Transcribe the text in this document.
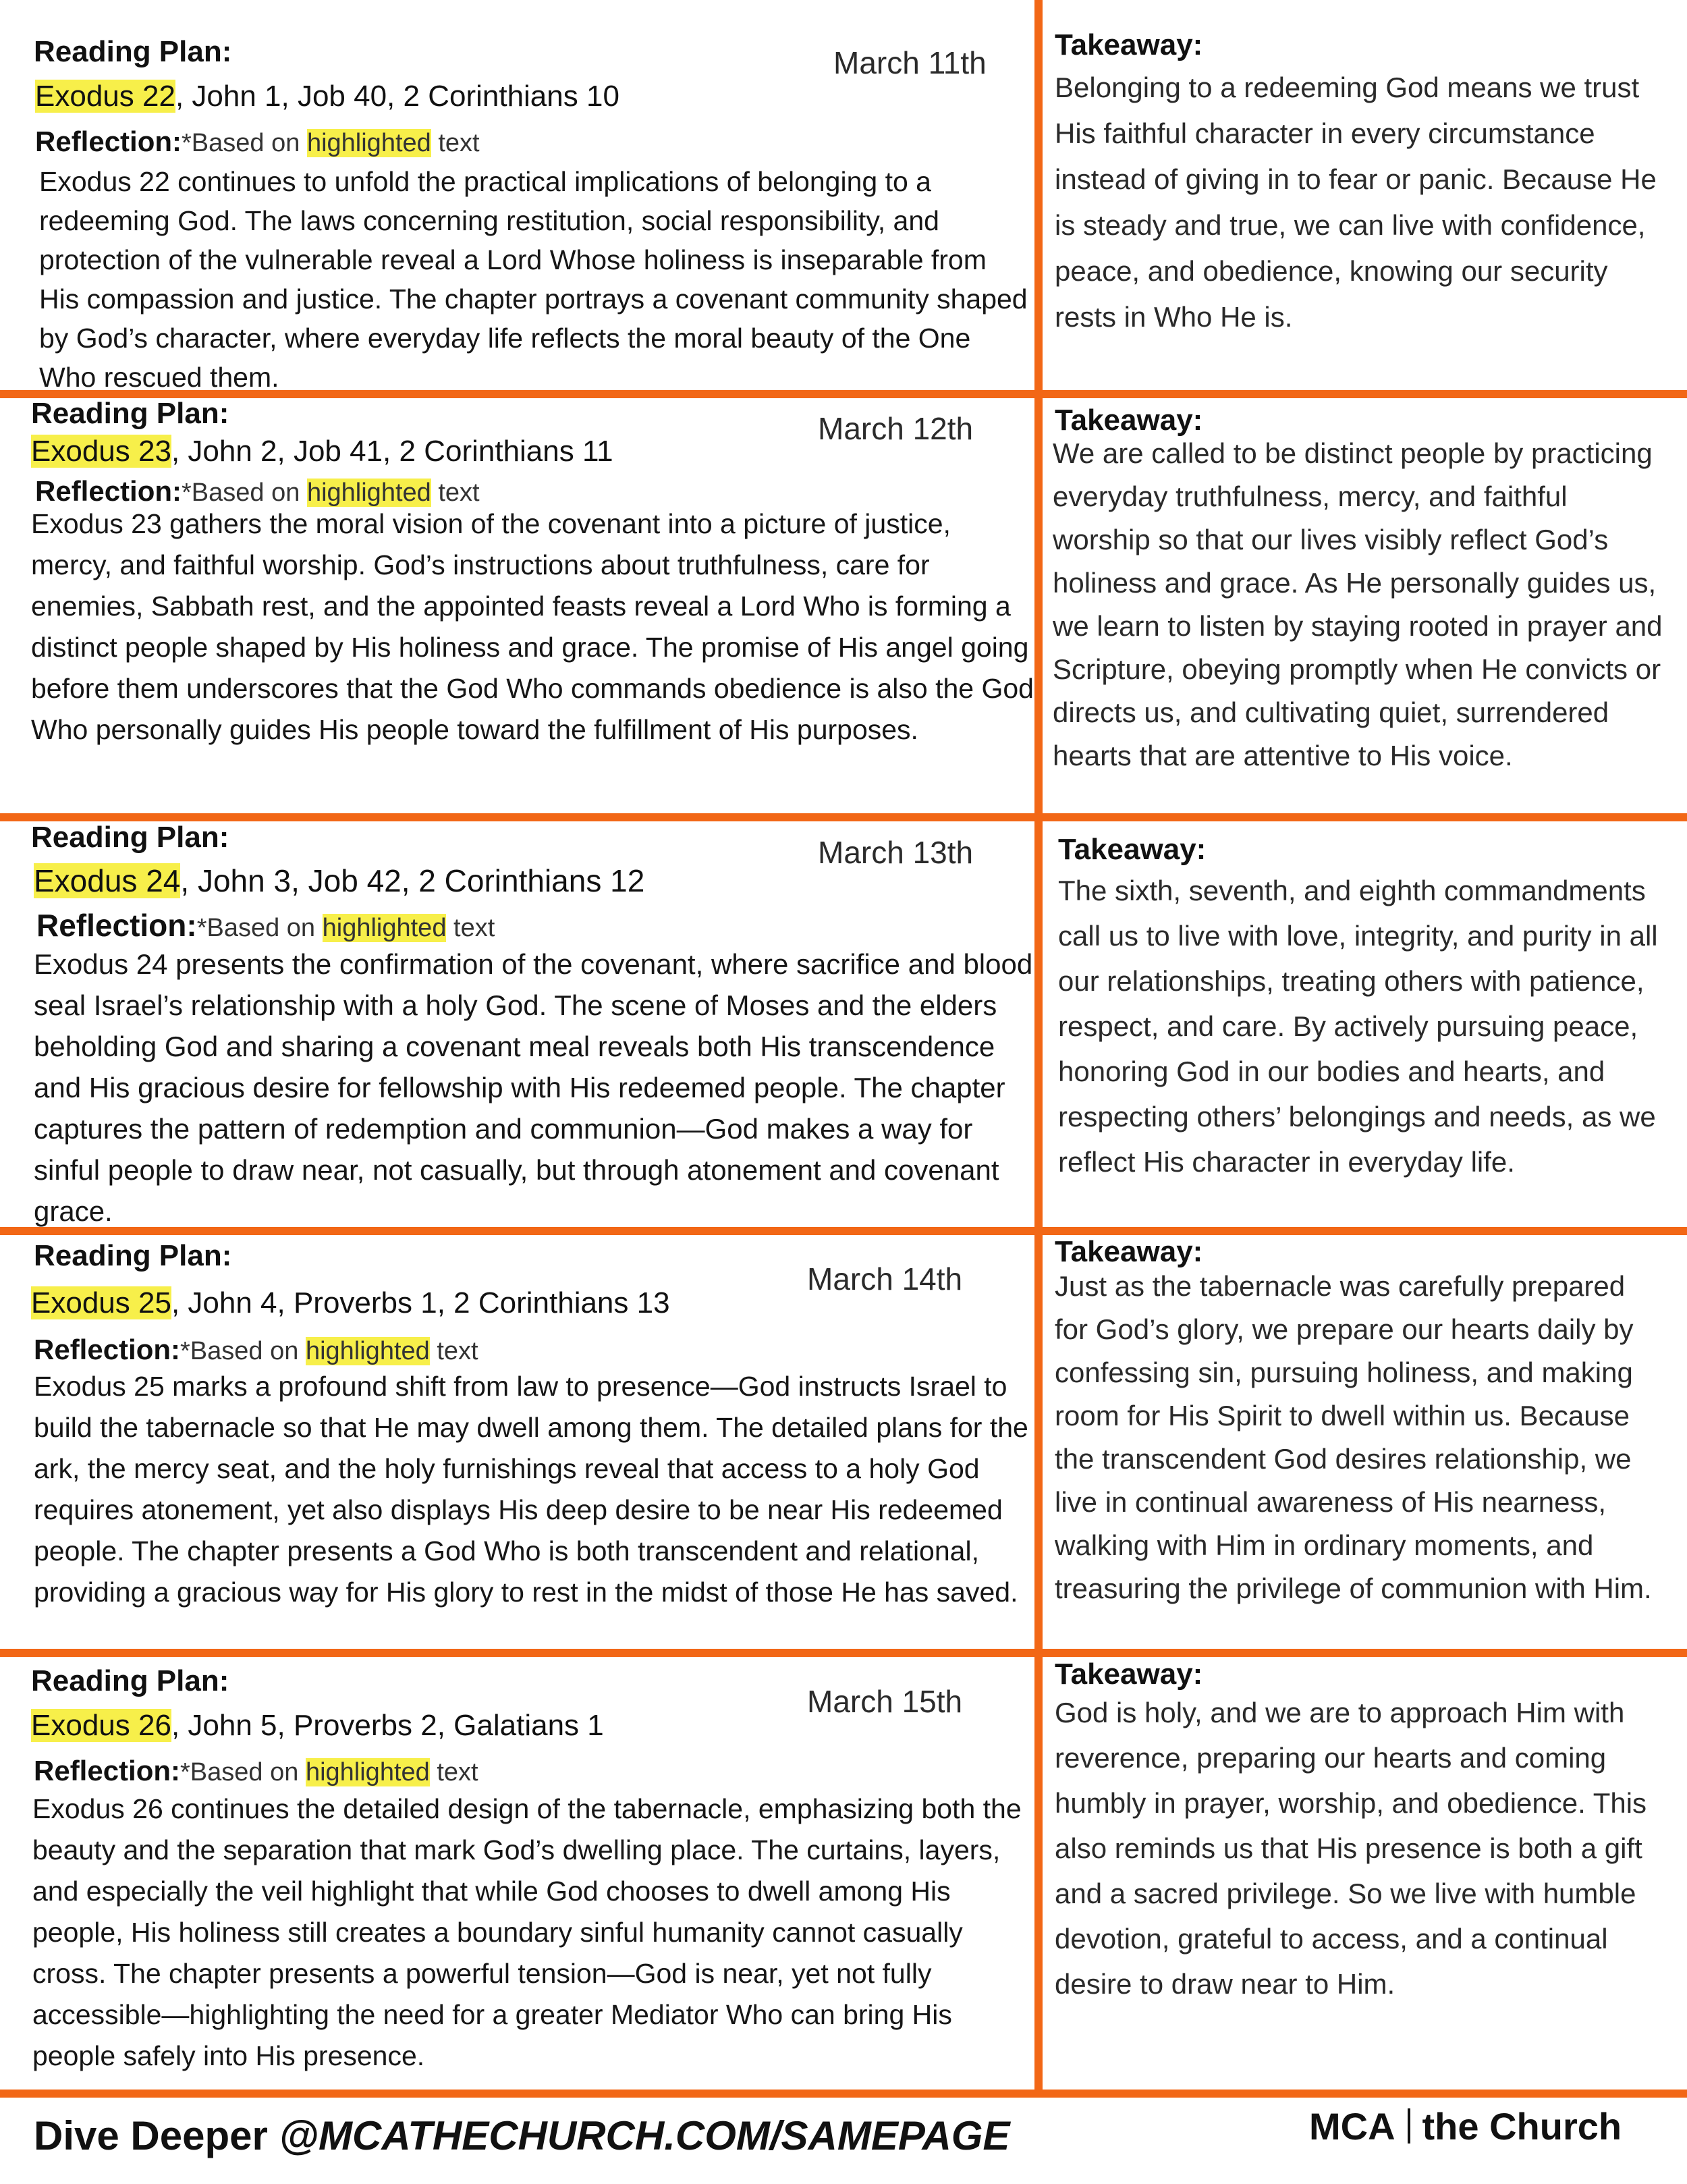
Reading Plan:	March 11th
Exodus 22, John 1, Job 40, 2 Corinthians 10
Reflection:*Based on highlighted text
Exodus 22 continues to unfold the practical implications of belonging to a redeeming God. The laws concerning restitution, social responsibility, and protection of the vulnerable reveal a Lord Whose holiness is inseparable from His compassion and justice. The chapter portrays a covenant community shaped by God’s character, where everyday life reflects the moral beauty of the One Who rescued them.
Takeaway:
Belonging to a redeeming God means we trust His faithful character in every circumstance instead of giving in to fear or panic. Because He is steady and true, we can live with confidence, peace, and obedience, knowing our security rests in Who He is.
Reading Plan:	March 12th
Exodus 23, John 2, Job 41, 2 Corinthians 11
Reflection:*Based on highlighted text
Exodus 23 gathers the moral vision of the covenant into a picture of justice, mercy, and faithful worship. God’s instructions about truthfulness, care for enemies, Sabbath rest, and the appointed feasts reveal a Lord Who is forming a distinct people shaped by His holiness and grace. The promise of His angel going before them underscores that the God Who commands obedience is also the God Who personally guides His people toward the fulfillment of His purposes.
Takeaway:
We are called to be distinct people by practicing everyday truthfulness, mercy, and faithful worship so that our lives visibly reflect God’s holiness and grace. As He personally guides us, we learn to listen by staying rooted in prayer and Scripture, obeying promptly when He convicts or directs us, and cultivating quiet, surrendered hearts that are attentive to His voice.
Reading Plan:	March 13th
Exodus 24, John 3, Job 42, 2 Corinthians 12
Reflection:*Based on highlighted text
Exodus 24 presents the confirmation of the covenant, where sacrifice and blood seal Israel’s relationship with a holy God. The scene of Moses and the elders beholding God and sharing a covenant meal reveals both His transcendence and His gracious desire for fellowship with His redeemed people. The chapter captures the pattern of redemption and communion—God makes a way for sinful people to draw near, not casually, but through atonement and covenant grace.
Takeaway:
The sixth, seventh, and eighth commandments call us to live with love, integrity, and purity in all our relationships, treating others with patience, respect, and care. By actively pursuing peace, honoring God in our bodies and hearts, and respecting others’ belongings and needs, as we reflect His character in everyday life.
Reading Plan:
March 14th
Exodus 25, John 4, Proverbs 1, 2 Corinthians 13
Reflection:*Based on highlighted text
Exodus 25 marks a profound shift from law to presence—God instructs Israel to build the tabernacle so that He may dwell among them. The detailed plans for the ark, the mercy seat, and the holy furnishings reveal that access to a holy God requires atonement, yet also displays His deep desire to be near His redeemed people. The chapter presents a God Who is both transcendent and relational, providing a gracious way for His glory to rest in the midst of those He has saved.
Takeaway:
Just as the tabernacle was carefully prepared for God’s glory, we prepare our hearts daily by confessing sin, pursuing holiness, and making room for His Spirit to dwell within us. Because the transcendent God desires relationship, we live in continual awareness of His nearness, walking with Him in ordinary moments, and treasuring the privilege of communion with Him.
Reading Plan:
March 15th
Exodus 26, John 5, Proverbs 2, Galatians 1
Reflection:*Based on highlighted text
Exodus 26 continues the detailed design of the tabernacle, emphasizing both the beauty and the separation that mark God’s dwelling place. The curtains, layers, and especially the veil highlight that while God chooses to dwell among His people, His holiness still creates a boundary sinful humanity cannot casually cross. The chapter presents a powerful tension—God is near, yet not fully accessible—highlighting the need for a greater Mediator Who can bring His people safely into His presence.
Takeaway:
God is holy, and we are to approach Him with reverence, preparing our hearts and coming humbly in prayer, worship, and obedience. This also reminds us that His presence is both a gift and a sacred privilege. So we live with humble devotion, grateful to access, and a continual desire to draw near to Him.
Dive Deeper @MCATHECHURCH.COM/SAMEPAGE	MCA the Church
